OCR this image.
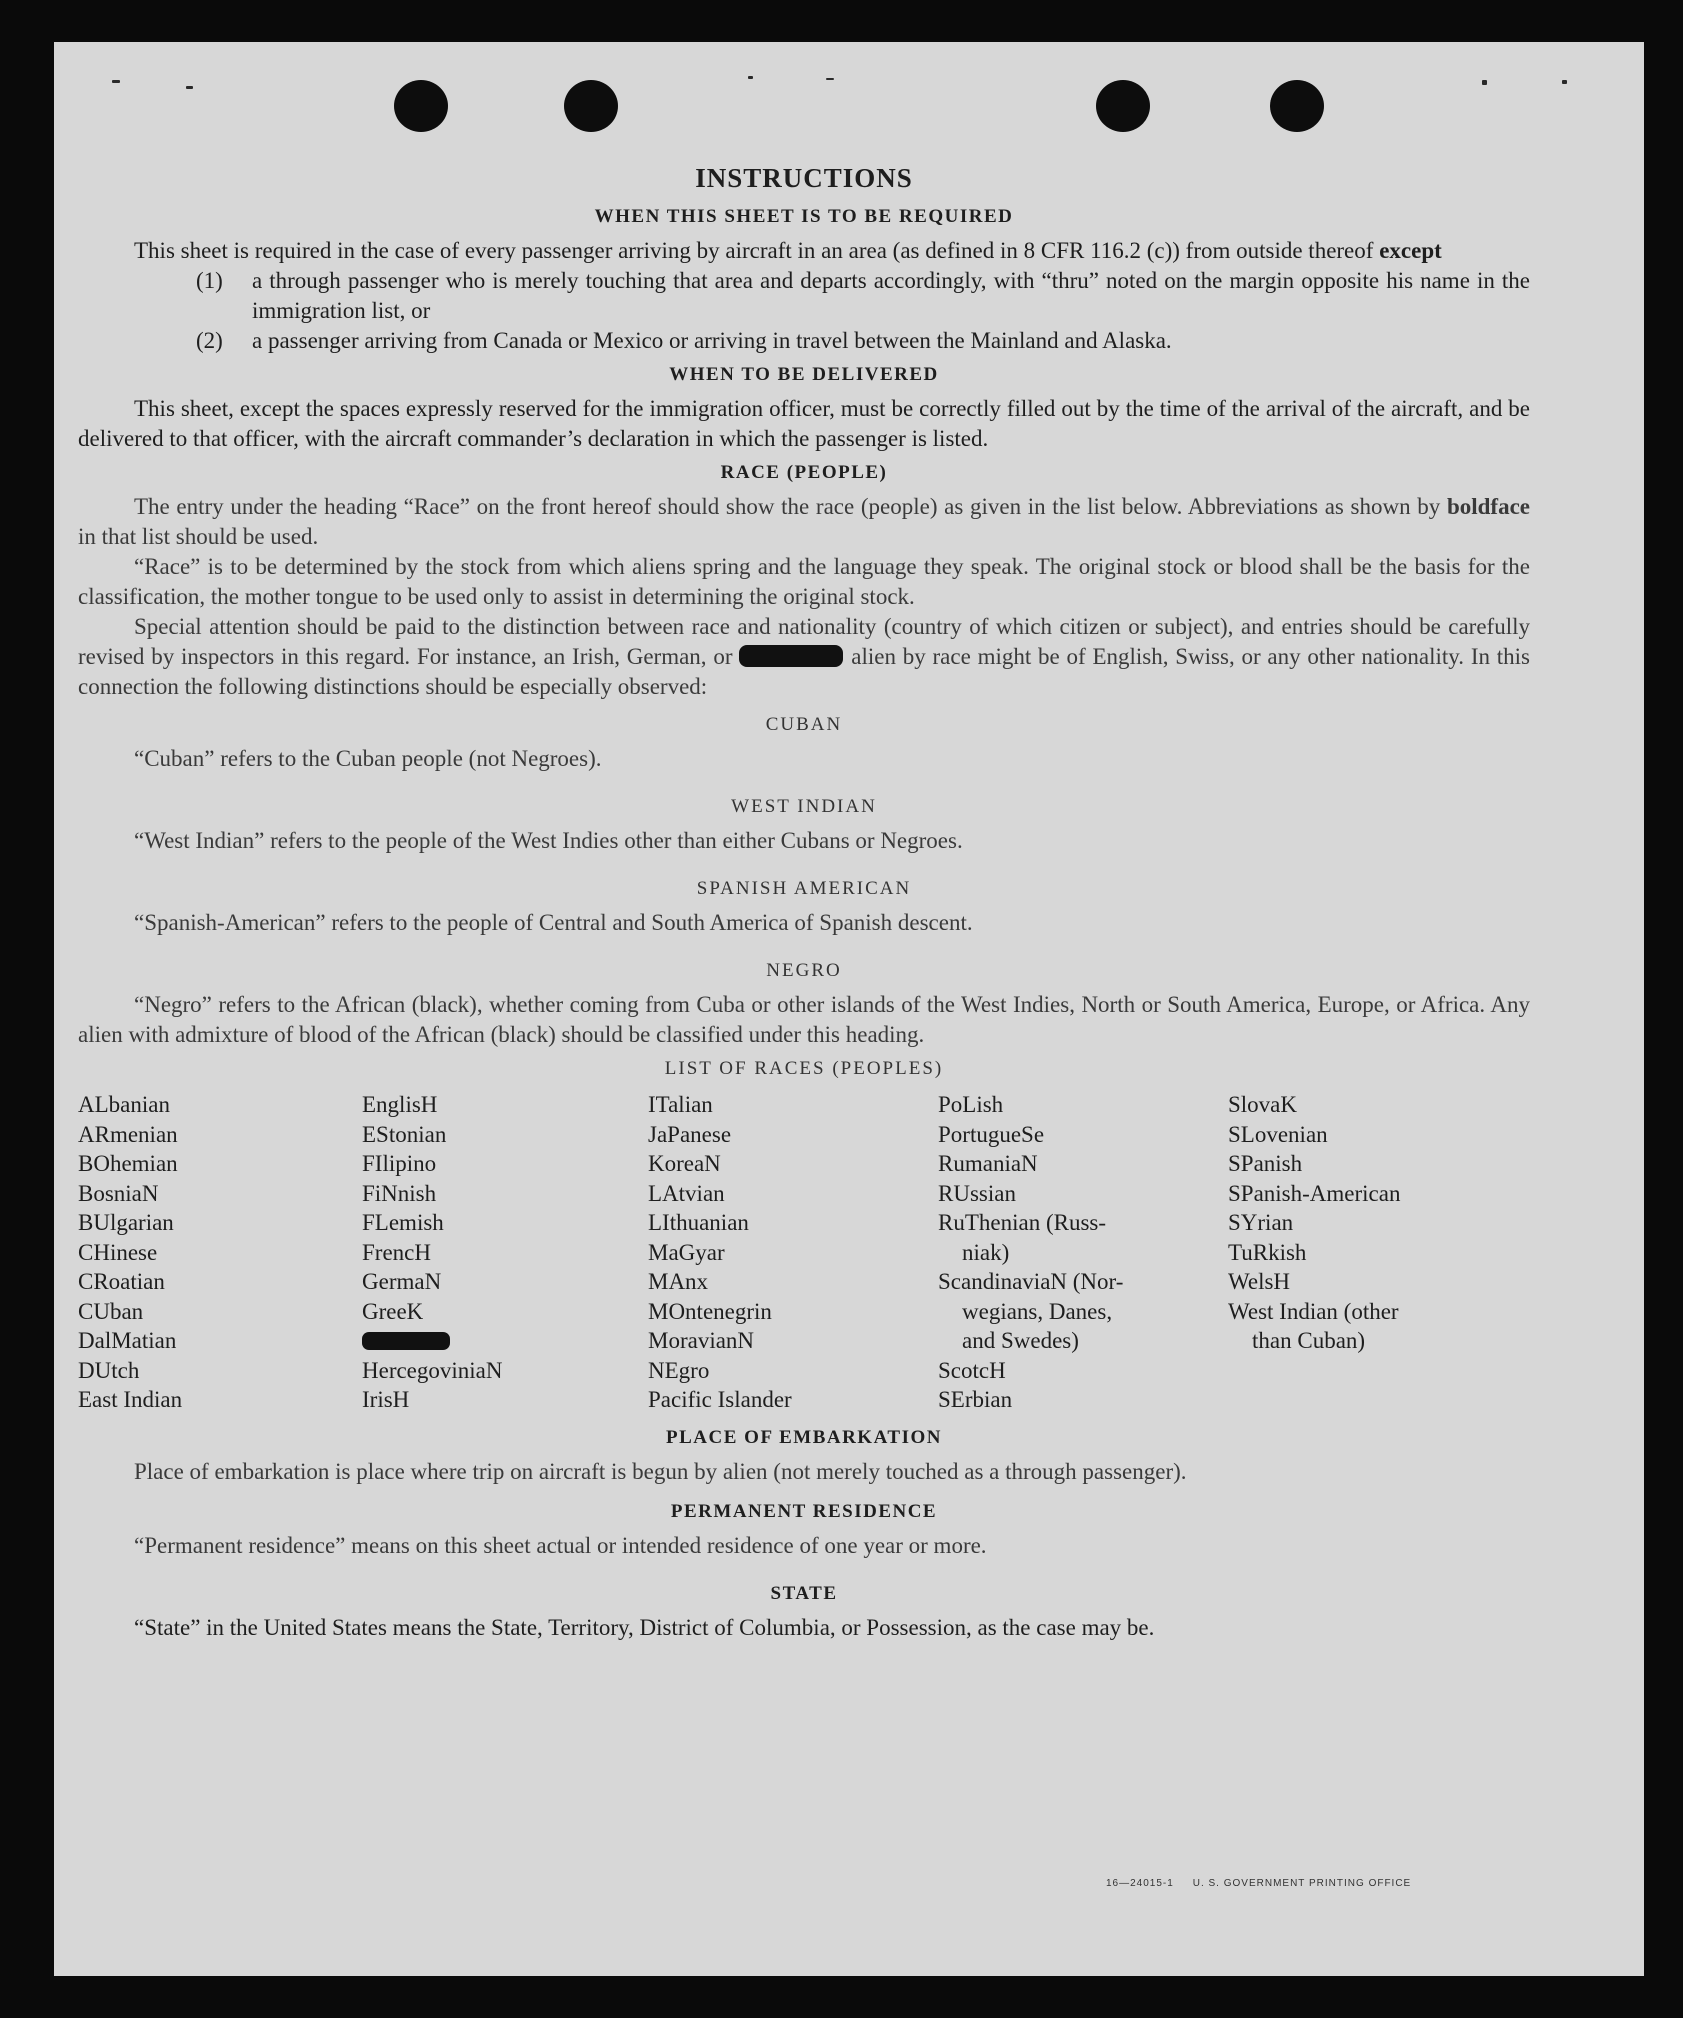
INSTRUCTIONS
WHEN THIS SHEET IS TO BE REQUIRED

This sheet is required in the case of every passenger arriving by aircraft in an area (as defined in 8 CFR 116.2 (c)) from outside thereof except

(1)	a through passenger who is merely touching that area and departs accordingly, with “thru” noted on the margin opposite his name in the immigration list, or
(2)	a passenger arriving from Canada or Mexico or arriving in travel between the Mainland and Alaska.
WHEN TO BE DELIVERED

This sheet, except the spaces expressly reserved for the immigration officer, must be correctly filled out by the time of the arrival of the aircraft, and be delivered to that officer, with the aircraft commander’s declaration in which the passenger is listed.

RACE (PEOPLE)

The entry under the heading “Race” on the front hereof should show the race (people) as given in the list below. Abbreviations as shown by boldface in that list should be used.

“Race” is to be determined by the stock from which aliens spring and the language they speak. The original stock or blood shall be the basis for the classification, the mother tongue to be used only to assist in determining the original stock.

Special attention should be paid to the distinction between race and nationality (country of which citizen or subject), and entries should be carefully revised by inspectors in this regard. For instance, an Irish, German, or	alien by race might be of English, Swiss, or any other nationality. In this connection the following distinctions should be especially observed:

CUBAN

“Cuban” refers to the Cuban people (not Negroes).

WEST INDIAN

“West Indian” refers to the people of the West Indies other than either Cubans or Negroes.

SPANISH AMERICAN

“Spanish-American” refers to the people of Central and South America of Spanish descent.

NEGRO

“Negro” refers to the African (black), whether coming from Cuba or other islands of the West Indies, North or South America, Europe, or Africa. Any alien with admixture of blood of the African (black) should be classified under this heading.

LIST OF RACES (PEOPLES)
ALbanian
ARmenian
BOhemian
BosniaN
BUlgarian
CHinese
CRoatian
CUban
DalMatian
DUtch
East Indian
EnglisH
EStonian
FIlipino
FiNnish
FLemish
FrencH
GermaN
GreeK
HercegoviniaN
IrisH
ITalian
JaPanese
KoreaN
LAtvian
LIthuanian
MaGyar
MAnx
MOntenegrin
MoravianN
NEgro
Pacific Islander
PoLish
PortugueSe
RumaniaN
RUssian
RuThenian (Russ-
niak)
ScandinaviaN (Nor-
wegians, Danes,
and Swedes)
ScotcH
SErbian
SlovaK
SLovenian
SPanish
SPanish-American
SYrian
TuRkish
WelsH
West Indian (other
than Cuban)
PLACE OF EMBARKATION

Place of embarkation is place where trip on aircraft is begun by alien (not merely touched as a through passenger).

PERMANENT RESIDENCE

“Permanent residence” means on this sheet actual or intended residence of one year or more.

STATE

“State” in the United States means the State, Territory, District of Columbia, or Possession, as the case may be.

16—24015-1 U. S. GOVERNMENT PRINTING OFFICE
